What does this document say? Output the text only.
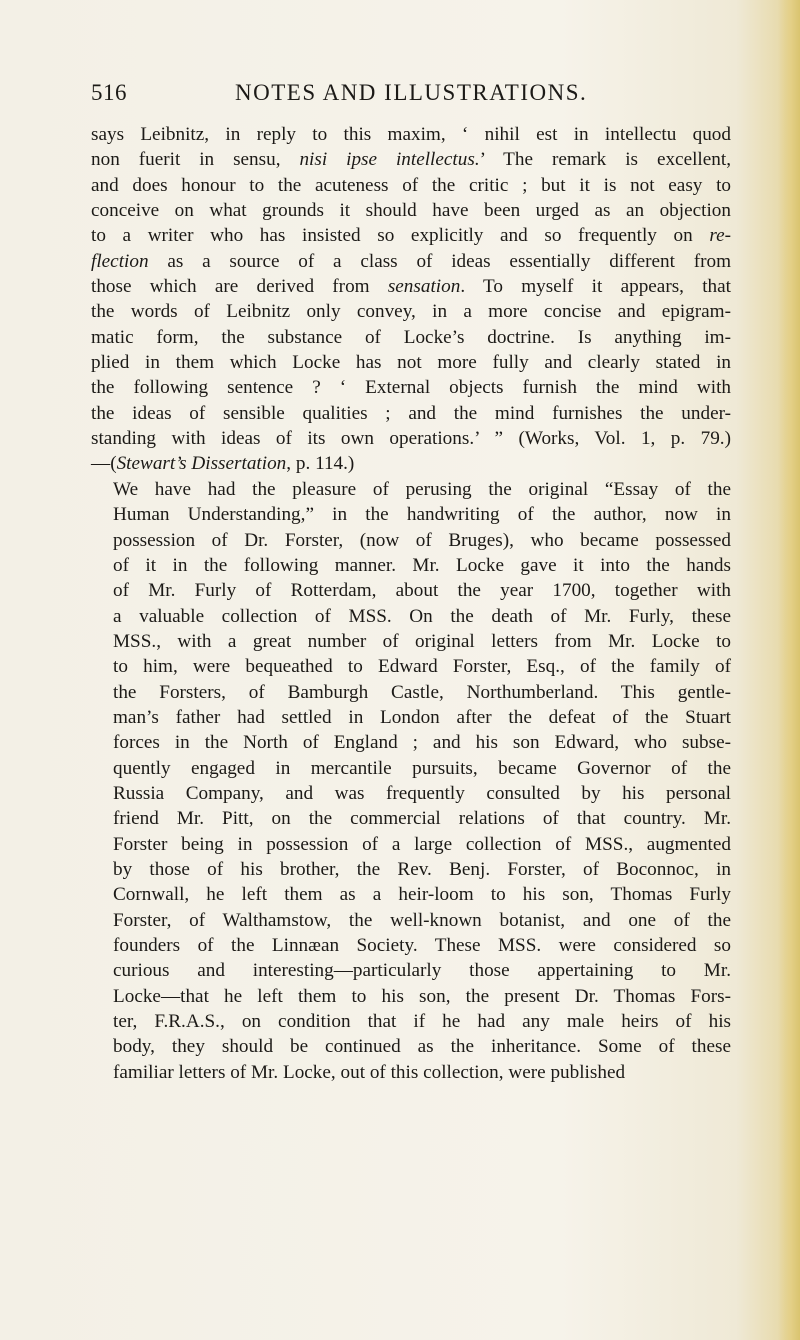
516	NOTES AND ILLUSTRATIONS.

says Leibnitz, in reply to this maxim, ‘ nihil est in intellectu quod
non fuerit in sensu, nisi ipse intellectus.’ The remark is excellent,
and does honour to the acuteness of the critic ; but it is not easy to
conceive on what grounds it should have been urged as an objection
to a writer who has insisted so explicitly and so frequently on re-
flection as a source of a class of ideas essentially different from
those which are derived from sensation. To myself it appears, that
the words of Leibnitz only convey, in a more concise and epigram-
matic form, the substance of Locke’s doctrine. Is anything im-
plied in them which Locke has not more fully and clearly stated in
the following sentence ? ‘ External objects furnish the mind with
the ideas of sensible qualities ; and the mind furnishes the under-
standing with ideas of its own operations.’ ” (Works, Vol. 1, p. 79.)
—(Stewart’s Dissertation, p. 114.)

We have had the pleasure of perusing the original “Essay of the
Human Understanding,” in the handwriting of the author, now in
possession of Dr. Forster, (now of Bruges), who became possessed
of it in the following manner. Mr. Locke gave it into the hands
of Mr. Furly of Rotterdam, about the year 1700, together with
a valuable collection of MSS. On the death of Mr. Furly, these
MSS., with a great number of original letters from Mr. Locke to
to him, were bequeathed to Edward Forster, Esq., of the family of
the Forsters, of Bamburgh Castle, Northumberland. This gentle-
man’s father had settled in London after the defeat of the Stuart
forces in the North of England ; and his son Edward, who subse-
quently engaged in mercantile pursuits, became Governor of the
Russia Company, and was frequently consulted by his personal
friend Mr. Pitt, on the commercial relations of that country. Mr.
Forster being in possession of a large collection of MSS., augmented
by those of his brother, the Rev. Benj. Forster, of Boconnoc, in
Cornwall, he left them as a heir-loom to his son, Thomas Furly
Forster, of Walthamstow, the well-known botanist, and one of the
founders of the Linnæan Society. These MSS. were considered so
curious and interesting—particularly those appertaining to Mr.
Locke—that he left them to his son, the present Dr. Thomas Fors-
ter, F.R.A.S., on condition that if he had any male heirs of his
body, they should be continued as the inheritance. Some of these
familiar letters of Mr. Locke, out of this collection, were published
